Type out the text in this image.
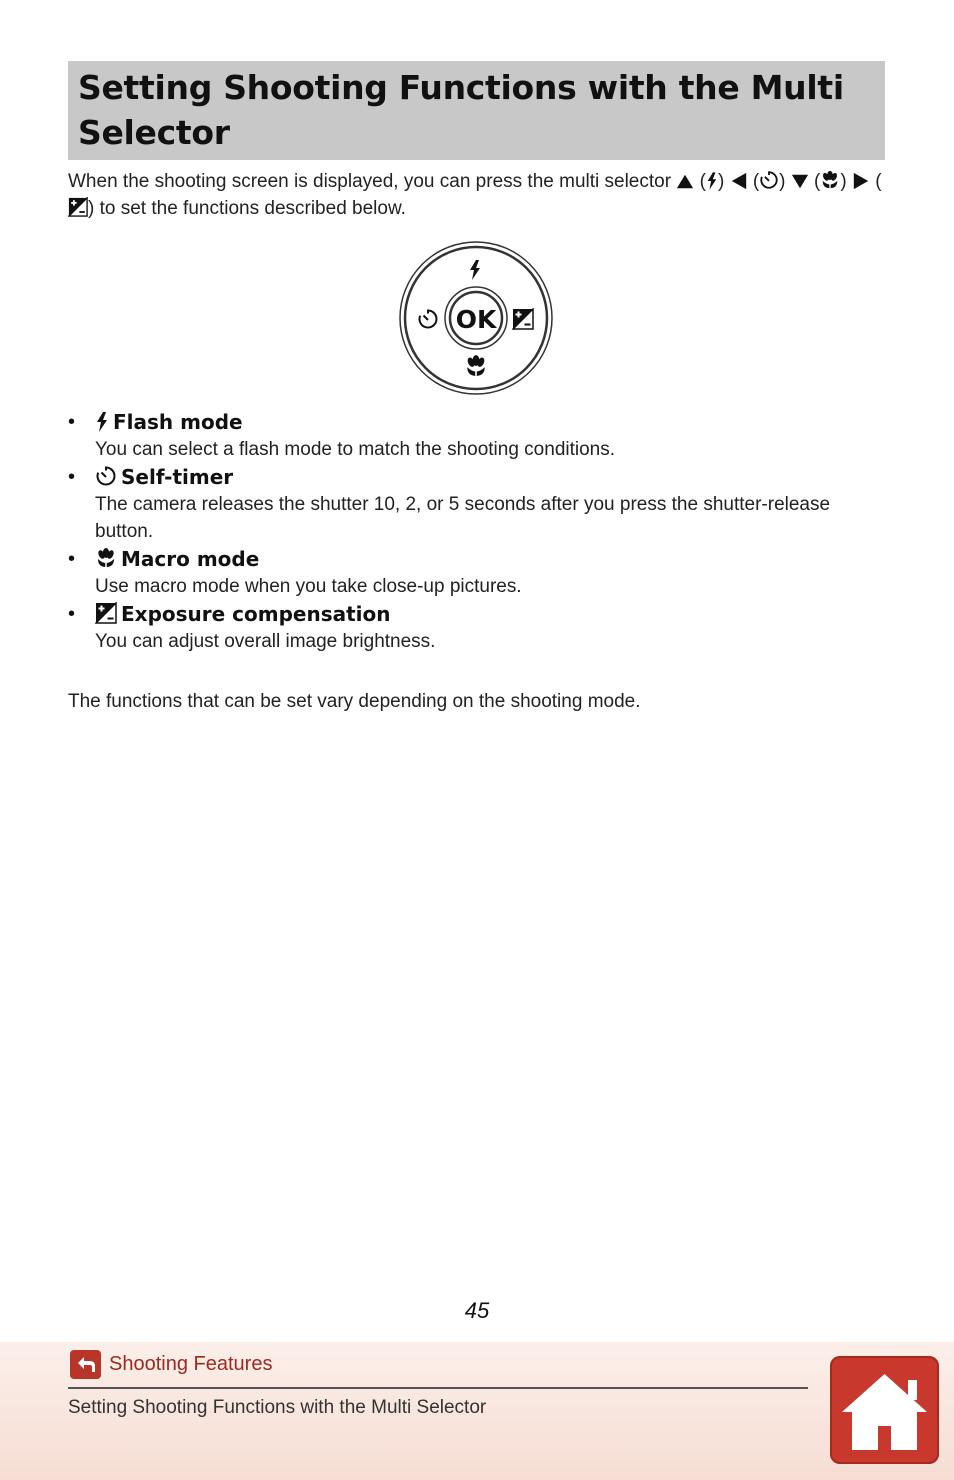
Setting Shooting Functions with the Multi Selector
When the shooting screen is displayed, you can press the multi selector  ( )  ( )  ( )  () to set the functions described below.
OK
•	Flash mode
You can select a flash mode to match the shooting conditions.
•	Self-timer
The camera releases the shutter 10, 2, or 5 seconds after you press the shutter-release button.
•	Macro mode
Use macro mode when you take close-up pictures.
•	Exposure compensation
You can adjust overall image brightness.
The functions that can be set vary depending on the shooting mode.
45
Shooting Features
Setting Shooting Functions with the Multi Selector
